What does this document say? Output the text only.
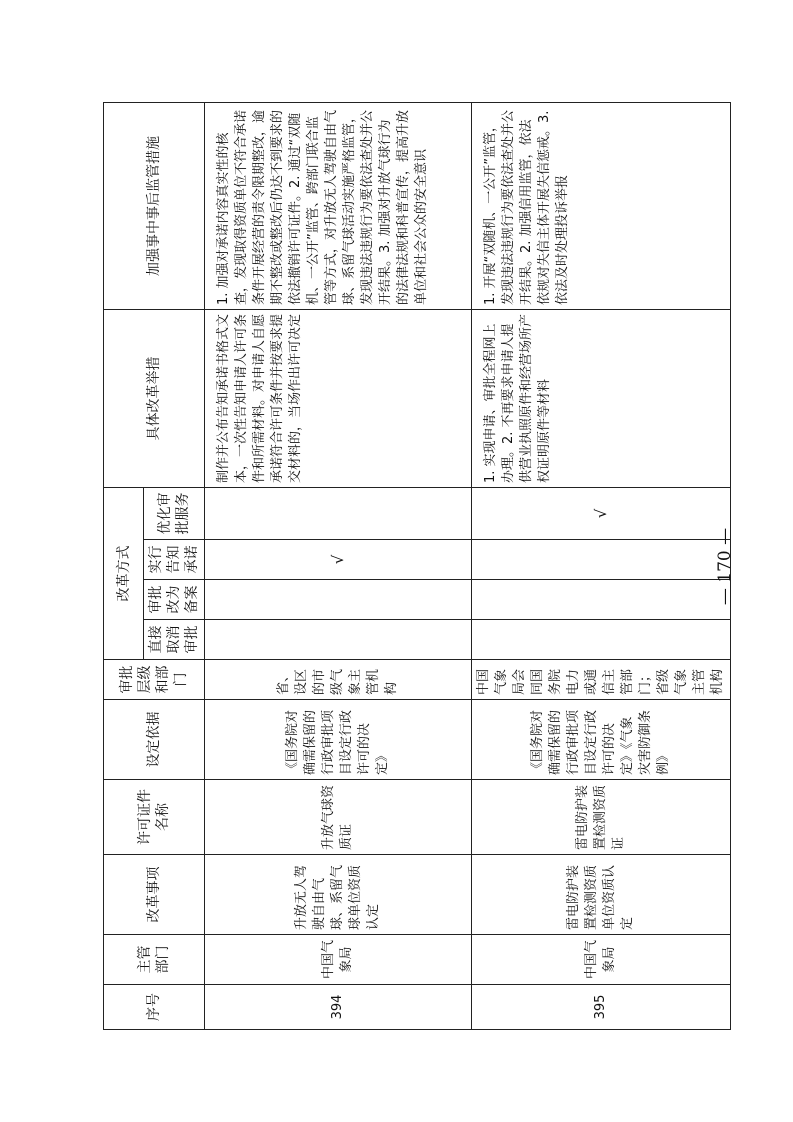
序号	主管部门	改革事项	许可证件名称	设定依据	审批层级和部门	改革方式				具体改革举措	加强事中事后监管措施
						直接取消审批	审批改为备案	实行告知承诺	优化审批服务		
394	中国气象局	升放无人驾驶自由气球、系留气球单位资质认定	升放气球资质证	《国务院对确需保留的行政审批项目设定行政许可的决定》	省、设区的市级气象主管机构			√		制作并公布告知承诺书格式文本，一次性告知申请人许可条件和所需材料。对申请人自愿承诺符合许可条件并按要求提交材料的，当场作出许可决定	1. 加强对承诺内容真实性的核查，发现取得资质单位不符合承诺条件开展经营的责令限期整改，逾期不整改或整改后仍达不到要求的依法撤销许可证件。2. 通过“双随机、一公开”监管、跨部门联合监管等方式，对升放无人驾驶自由气球、系留气球活动实施严格监管，发现违法违规行为要依法查处并公开结果。3. 加强对升放气球行为的法律法规和科普宣传，提高升放单位和社会公众的安全意识
395	中国气象局	雷电防护装置检测资质单位资质认定	雷电防护装置检测资质证	《国务院对确需保留的行政审批项目设定行政许可的决定》《气象灾害防御条例》	中国气象局会同国务院电力或通信主管部门；省级气象主管机构				√	1. 实现申请、审批全程网上办理。2. 不再要求申请人提供营业执照原件和经营场所产权证明原件等材料	1. 开展“双随机、一公开”监管，发现违法违规行为要依法查处并公开结果。2. 加强信用监管，依法依规对失信主体开展失信惩戒。3. 依法及时处理投诉举报
— 170 —
